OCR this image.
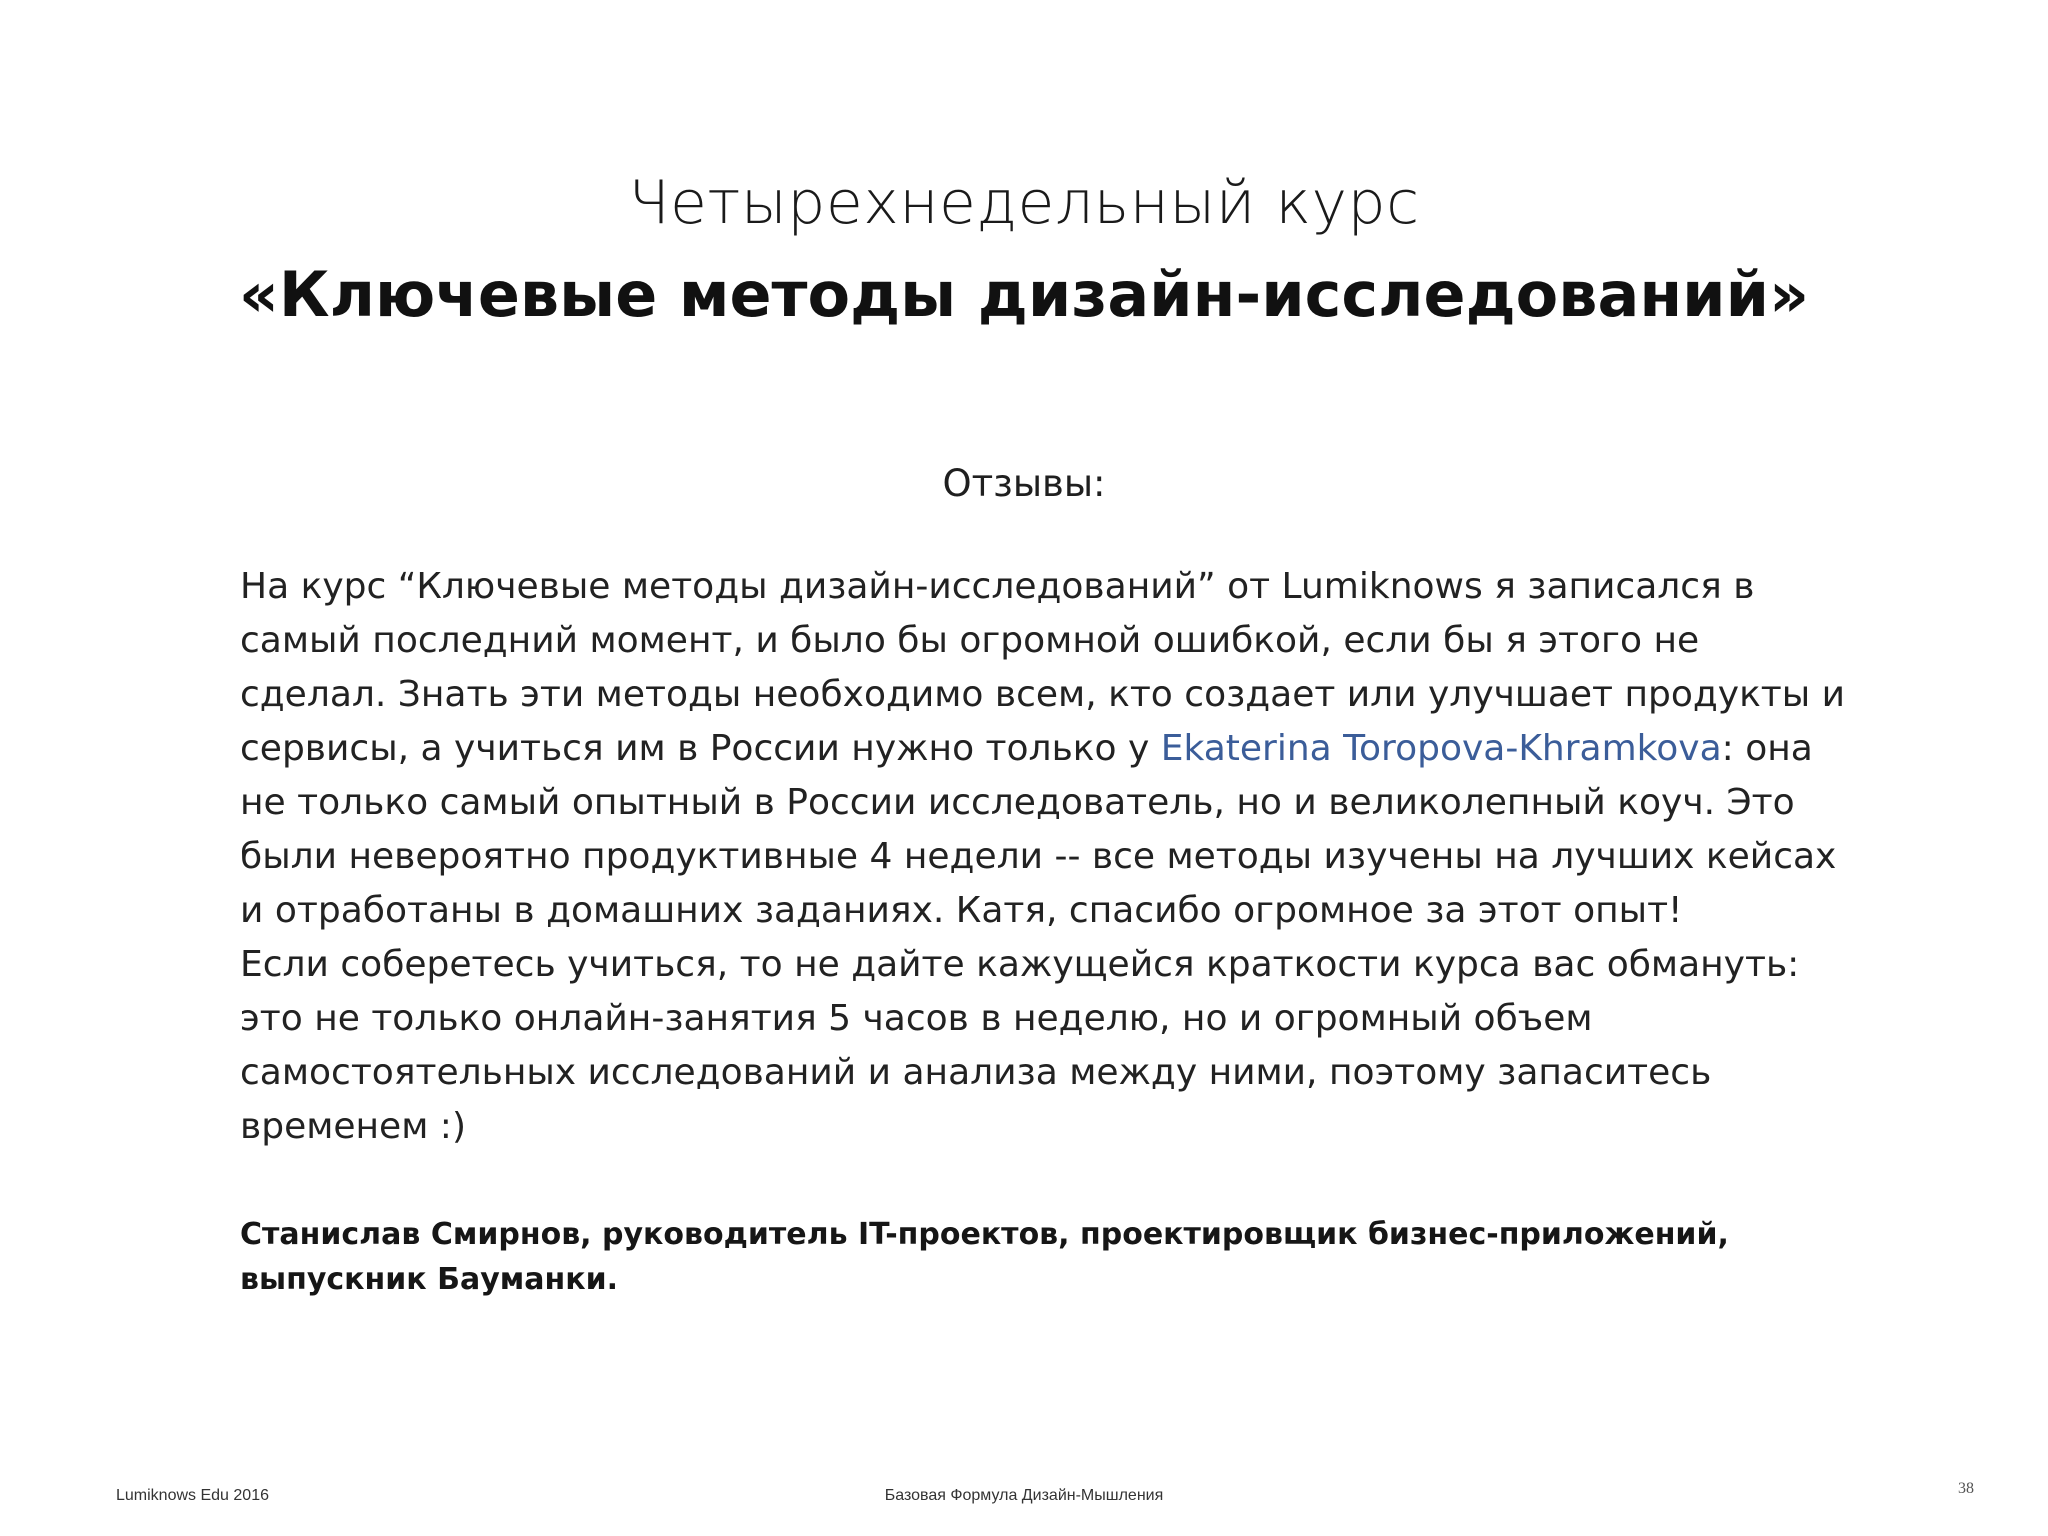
Четырехнедельный курс
«Ключевые методы дизайн-исследований»
Отзывы:
На курс “Ключевые методы дизайн-исследований” от Lumiknows я записался в
самый последний момент, и было бы огромной ошибкой, если бы я этого не
сделал. Знать эти методы необходимо всем, кто создает или улучшает продукты и
сервисы, а учиться им в России нужно только у Ekaterina Toropova-Khramkova: она
не только самый опытный в России исследователь, но и великолепный коуч. Это
были невероятно продуктивные 4 недели -- все методы изучены на лучших кейсах
и отработаны в домашних заданиях. Катя, спасибо огромное за этот опыт!
Если соберетесь учиться, то не дайте кажущейся краткости курса вас обмануть:
это не только онлайн-занятия 5 часов в неделю, но и огромный объем
самостоятельных исследований и анализа между ними, поэтому запаситесь
временем :)
Станислав Смирнов, руководитель IT-проектов, проектировщик бизнес-приложений,
выпускник Бауманки.
Lumiknows Edu 2016	Базовая Формула Дизайн-Мышления	38
